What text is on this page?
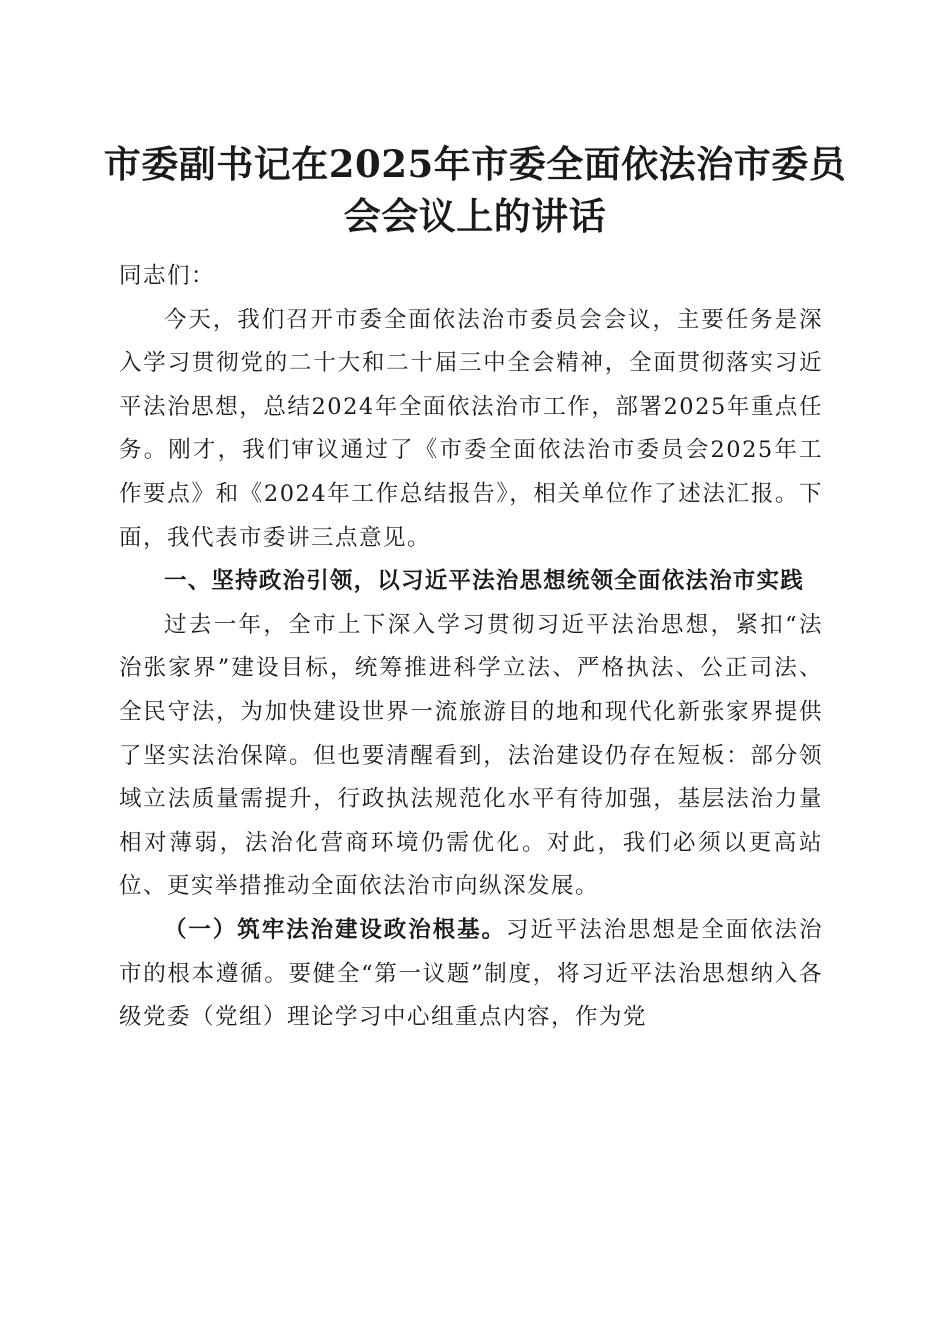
市委副书记在2025年市委全面依法治市委员会会议上的讲话

同志们：

今天，我们召开市委全面依法治市委员会会议，主要任务是深入学习贯彻党的二十大和二十届三中全会精神，全面贯彻落实习近平法治思想，总结2024年全面依法治市工作，部署2025年重点任务。刚才，我们审议通过了《市委全面依法治市委员会2025年工作要点》和《2024年工作总结报告》，相关单位作了述法汇报。下面，我代表市委讲三点意见。

一、坚持政治引领，以习近平法治思想统领全面依法治市实践

过去一年，全市上下深入学习贯彻习近平法治思想，紧扣“法治张家界”建设目标，统筹推进科学立法、严格执法、公正司法、全民守法，为加快建设世界一流旅游目的地和现代化新张家界提供了坚实法治保障。但也要清醒看到，法治建设仍存在短板：部分领域立法质量需提升，行政执法规范化水平有待加强，基层法治力量相对薄弱，法治化营商环境仍需优化。对此，我们必须以更高站位、更实举措推动全面依法治市向纵深发展。

（一）筑牢法治建设政治根基。习近平法治思想是全面依法治市的根本遵循。要健全“第一议题”制度，将习近平法治思想纳入各级党委（党组）理论学习中心组重点内容，作为党
